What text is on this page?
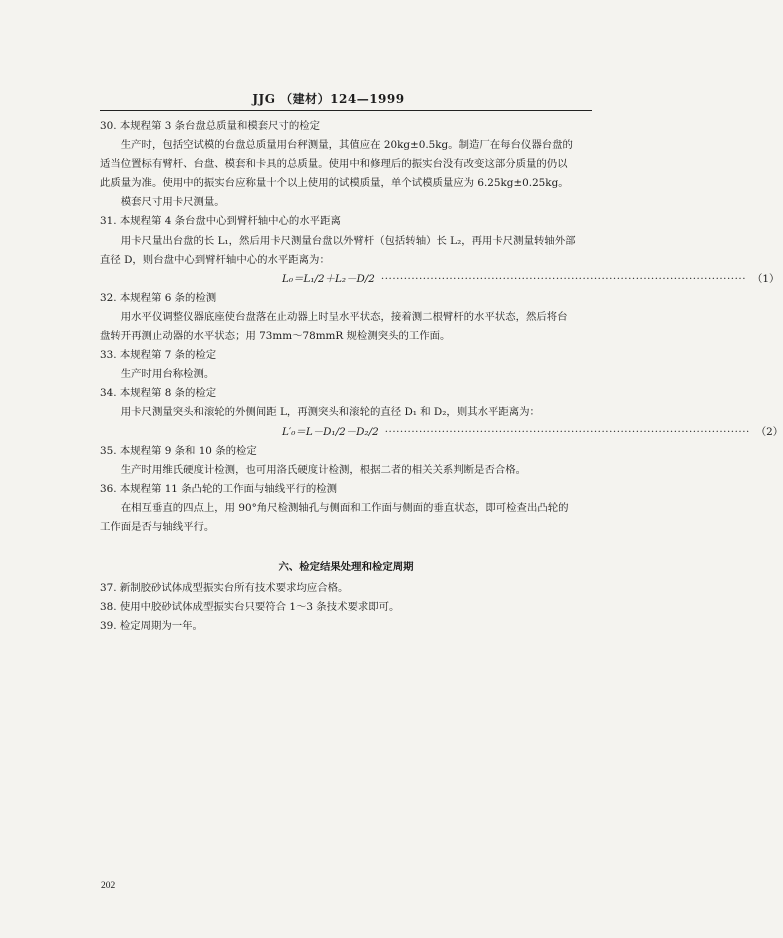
JJG （建材）124—1999
30. 本规程第 3 条台盘总质量和模套尺寸的检定
　　生产时，包括空试模的台盘总质量用台秤测量，其值应在 20kg±0.5kg。制造厂在每台仪器台盘的
适当位置标有臂杆、台盘、模套和卡具的总质量。使用中和修理后的振实台没有改变这部分质量的仍以
此质量为准。使用中的振实台应称量十个以上使用的试模质量，单个试模质量应为 6.25kg±0.25kg。
　　模套尺寸用卡尺测量。
31. 本规程第 4 条台盘中心到臂杆轴中心的水平距离
　　用卡尺量出台盘的长 L₁，然后用卡尺测量台盘以外臂杆（包括转轴）长 L₂，再用卡尺测量转轴外部
直径 D，则台盘中心到臂杆轴中心的水平距离为：
L₀＝L₁/2＋L₂－D/2 ································································································ （1）
32. 本规程第 6 条的检测
　　用水平仪调整仪器底座使台盘落在止动器上时呈水平状态，接着测二根臂杆的水平状态，然后将台
盘转开再测止动器的水平状态；用 73mm～78mmR 规检测突头的工作面。
33. 本规程第 7 条的检定
　　生产时用台称检测。
34. 本规程第 8 条的检定
　　用卡尺测量突头和滚轮的外侧间距 L，再测突头和滚轮的直径 D₁ 和 D₂，则其水平距离为：
L′₀＝L－D₁/2－D₂/2 ································································································ （2）
35. 本规程第 9 条和 10 条的检定
　　生产时用维氏硬度计检测，也可用洛氏硬度计检测，根据二者的相关关系判断是否合格。
36. 本规程第 11 条凸轮的工作面与轴线平行的检测
　　在相互垂直的四点上，用 90°角尺检测轴孔与侧面和工作面与侧面的垂直状态，即可检查出凸轮的
工作面是否与轴线平行。
六、检定结果处理和检定周期
37. 新制胶砂试体成型振实台所有技术要求均应合格。
38. 使用中胶砂试体成型振实台只要符合 1～3 条技术要求即可。
39. 检定周期为一年。
202
